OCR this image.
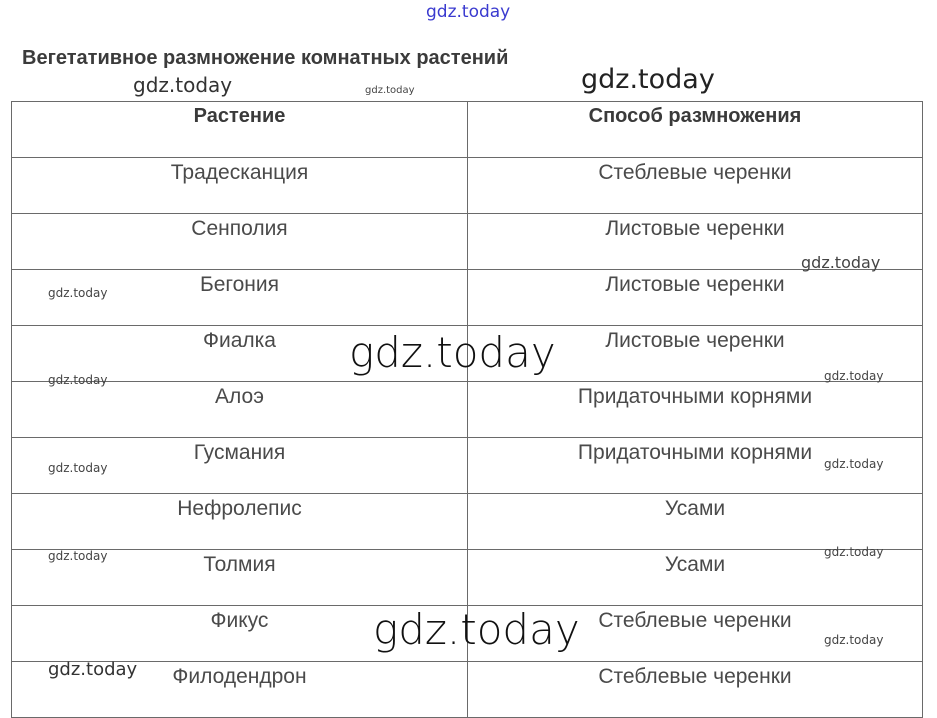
gdz.today
Вегетативное размножение комнатных растений
gdz.today	gdz.today	gdz.today
Растение	Способ размножения

Традесканция	Стеблевые черенки

Сенполия	Листовые черенки

Бегония	Листовые черенки

Фиалка	Листовые черенки

Алоэ	Придаточными корнями

Гусмания	Придаточными корнями

Нефролепис	Усами

Толмия	Усами

Фикус	Стеблевые черенки

Филодендрон	Стеблевые черенки
gdz.today
gdz.today
gdz.today
gdz.today
gdz.today
gdz.today
gdz.today
gdz.today
gdz.today
gdz.today
gdz.today
gdz.today
